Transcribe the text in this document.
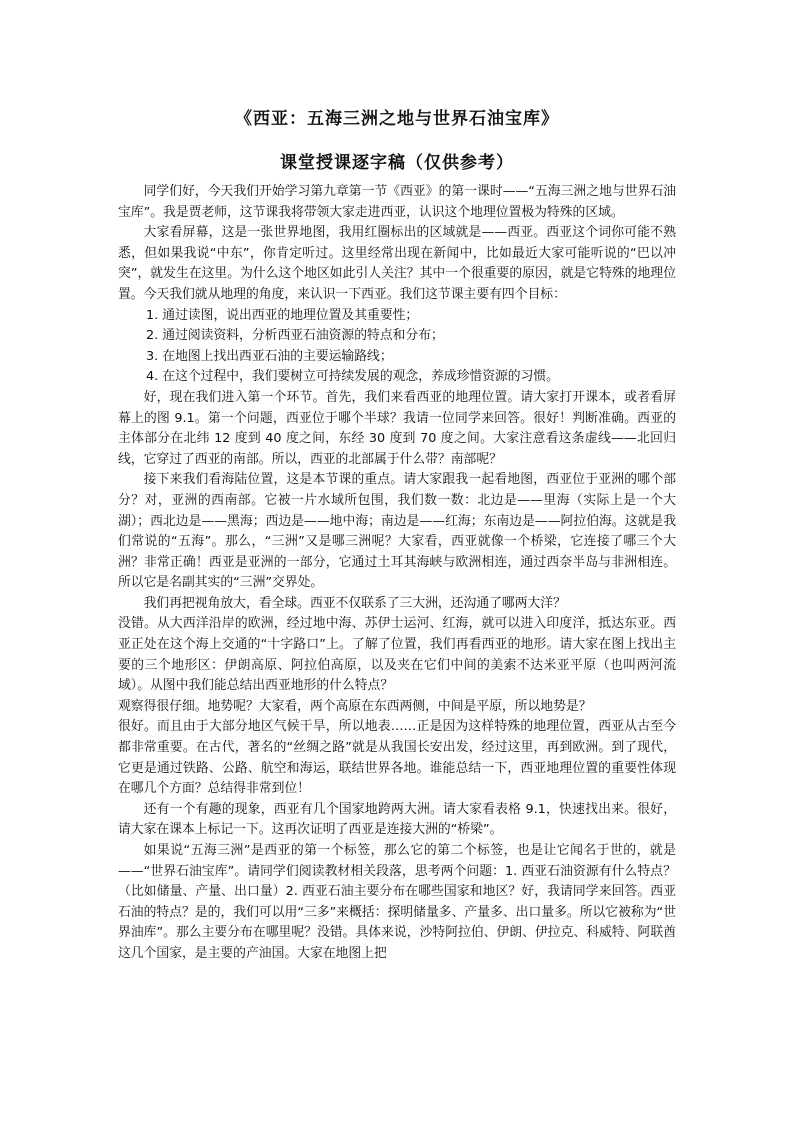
《西亚：五海三洲之地与世界石油宝库》
课堂授课逐字稿（仅供参考）

同学们好，今天我们开始学习第九章第一节《西亚》的第一课时——“五海三洲之地与世界石油宝库”。我是贾老师，这节课我将带领大家走进西亚，认识这个地理位置极为特殊的区域。

大家看屏幕，这是一张世界地图，我用红圈标出的区域就是——西亚。西亚这个词你可能不熟悉，但如果我说“中东”，你肯定听过。这里经常出现在新闻中，比如最近大家可能听说的“巴以冲突”，就发生在这里。为什么这个地区如此引人关注？其中一个很重要的原因，就是它特殊的地理位置。今天我们就从地理的角度，来认识一下西亚。我们这节课主要有四个目标：

1. 通过读图，说出西亚的地理位置及其重要性；

2. 通过阅读资料，分析西亚石油资源的特点和分布；

3. 在地图上找出西亚石油的主要运输路线；

4. 在这个过程中，我们要树立可持续发展的观念，养成珍惜资源的习惯。

好，现在我们进入第一个环节。首先，我们来看西亚的地理位置。请大家打开课本，或者看屏幕上的图 9.1。第一个问题，西亚位于哪个半球？我请一位同学来回答。很好！判断准确。西亚的主体部分在北纬 12 度到 40 度之间，东经 30 度到 70 度之间。大家注意看这条虚线——北回归线，它穿过了西亚的南部。所以，西亚的北部属于什么带？南部呢？

接下来我们看海陆位置，这是本节课的重点。请大家跟我一起看地图，西亚位于亚洲的哪个部分？对，亚洲的西南部。它被一片水域所包围，我们数一数：北边是——里海（实际上是一个大湖）；西北边是——黑海；西边是——地中海；南边是——红海；东南边是——阿拉伯海。这就是我们常说的“五海”。那么，“三洲”又是哪三洲呢？大家看，西亚就像一个桥梁，它连接了哪三个大洲？非常正确！西亚是亚洲的一部分，它通过土耳其海峡与欧洲相连，通过西奈半岛与非洲相连。所以它是名副其实的“三洲”交界处。

我们再把视角放大，看全球。西亚不仅联系了三大洲，还沟通了哪两大洋？

没错。从大西洋沿岸的欧洲，经过地中海、苏伊士运河、红海，就可以进入印度洋，抵达东亚。西亚正处在这个海上交通的“十字路口”上。了解了位置，我们再看西亚的地形。请大家在图上找出主要的三个地形区：伊朗高原、阿拉伯高原，以及夹在它们中间的美索不达米亚平原（也叫两河流域）。从图中我们能总结出西亚地形的什么特点？

观察得很仔细。地势呢？大家看，两个高原在东西两侧，中间是平原，所以地势是？

很好。而且由于大部分地区气候干旱，所以地表……正是因为这样特殊的地理位置，西亚从古至今都非常重要。在古代，著名的“丝绸之路”就是从我国长安出发，经过这里，再到欧洲。到了现代，它更是通过铁路、公路、航空和海运，联结世界各地。谁能总结一下，西亚地理位置的重要性体现在哪几个方面？总结得非常到位！

还有一个有趣的现象，西亚有几个国家地跨两大洲。请大家看表格 9.1，快速找出来。很好，请大家在课本上标记一下。这再次证明了西亚是连接大洲的“桥梁”。

如果说“五海三洲”是西亚的第一个标签，那么它的第二个标签，也是让它闻名于世的，就是——“世界石油宝库”。请同学们阅读教材相关段落，思考两个问题：1. 西亚石油资源有什么特点？（比如储量、产量、出口量）2. 西亚石油主要分布在哪些国家和地区？好，我请同学来回答。西亚石油的特点？是的，我们可以用“三多”来概括：探明储量多、产量多、出口量多。所以它被称为“世界油库”。那么主要分布在哪里呢？没错。具体来说，沙特阿拉伯、伊朗、伊拉克、科威特、阿联酋这几个国家，是主要的产油国。大家在地图上把
